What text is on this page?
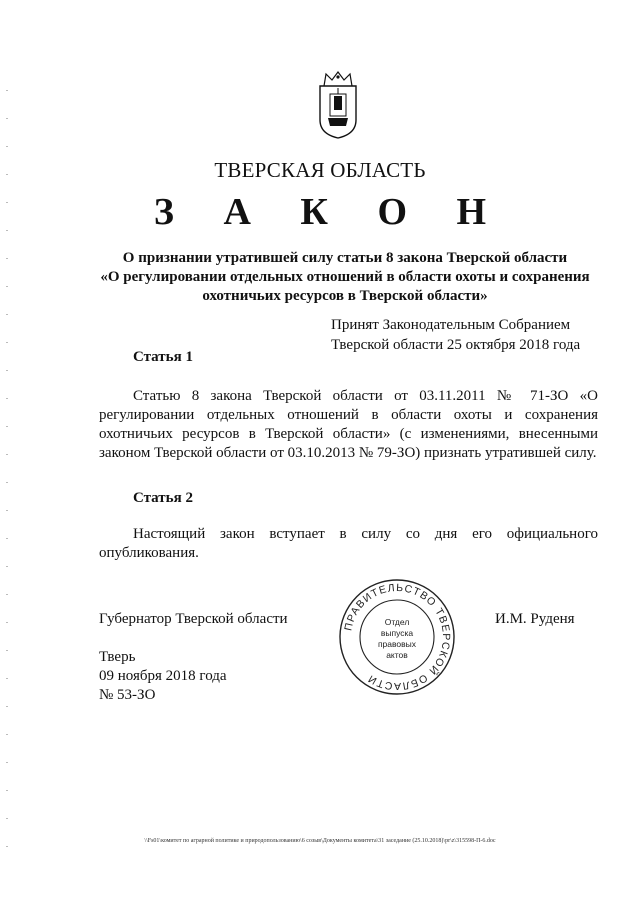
ТВЕРСКАЯ ОБЛАСТЬ
З А К О Н
О признании утратившей силу статьи 8 закона Тверской области
«О регулировании отдельных отношений в области охоты и сохранения
охотничьих ресурсов в Тверской области»
Принят Законодательным Собранием
Тверской области 25 октября 2018 года
Статья 1
Статью 8 закона Тверской области от 03.11.2011 № 71-ЗО «О регулировании отдельных отношений в области охоты и сохранения охотничьих ресурсов в Тверской области» (с изменениями, внесенными законом Тверской области от 03.10.2013 № 79-ЗО) признать утратившей силу.
Статья 2
Настоящий закон вступает в силу со дня его официального опубликования.
Губернатор Тверской области	И.М. Руденя
Тверь
09 ноября 2018 года
№ 53-ЗО
ПРАВИТЕЛЬСТВО ТВЕРСКОЙ ОБЛАСТИ
Отдел
выпуска
правовых
актов
\\Fs01\комитет по аграрной политике и природопользованию\6 созыв\Документы комитета\31 заседание (25.10.2018)\pr\z\315598-П-6.doc
